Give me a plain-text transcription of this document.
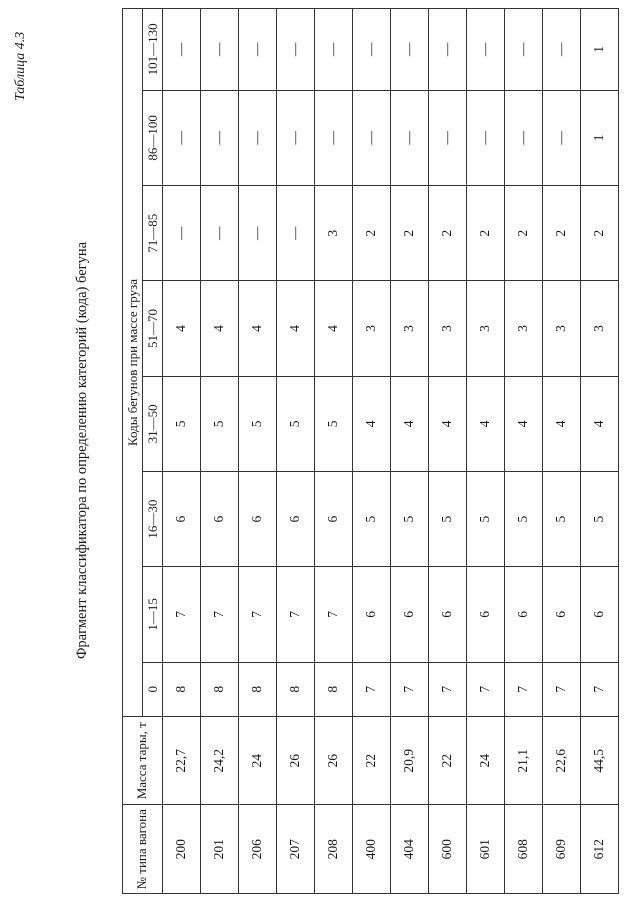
Таблица 4.3
Фрагмент классификатора по определению категорий (кода) бегуна
№ типа вагона	Масса тары, т	Коды бегунов при массе груза							
		0	1—15	16—30	31—50	51—70	71—85	86—100	101—130
200	22,7	8	7	6	5	4	—	—	—
201	24,2	8	7	6	5	4	—	—	—
206	24	8	7	6	5	4	—	—	—
207	26	8	7	6	5	4	—	—	—
208	26	8	7	6	5	4	3	—	—
400	22	7	6	5	4	3	2	—	—
404	20,9	7	6	5	4	3	2	—	—
600	22	7	6	5	4	3	2	—	—
601	24	7	6	5	4	3	2	—	—
608	21,1	7	6	5	4	3	2	—	—
609	22,6	7	6	5	4	3	2	—	—
612	44,5	7	6	5	4	3	2	1	1
